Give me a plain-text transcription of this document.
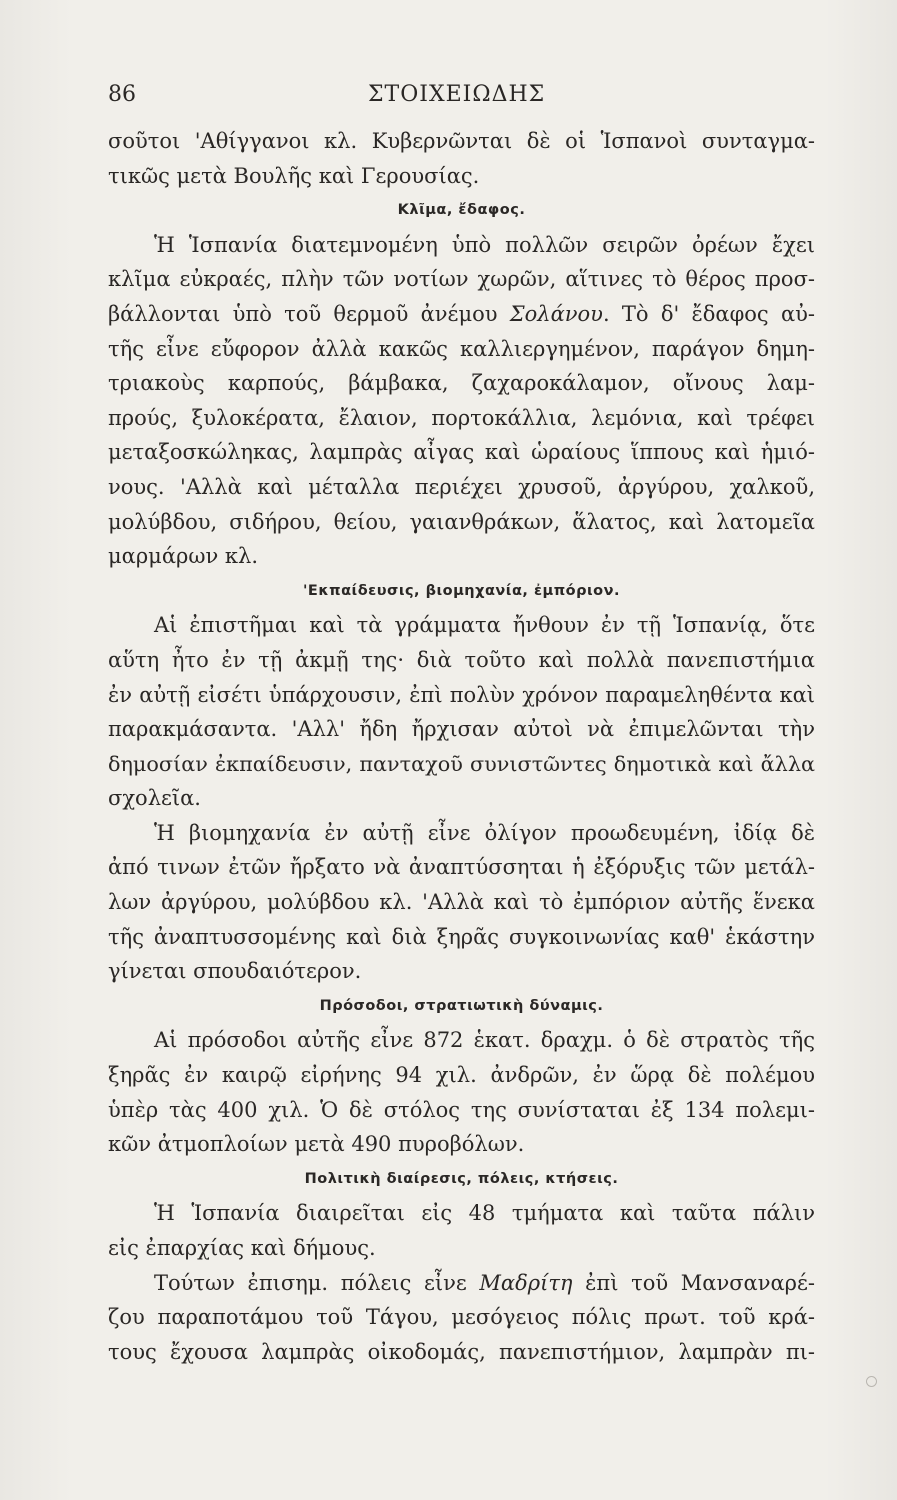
86	ΣΤΟΙΧΕΙΩΔΗΣ
σοῦτοι 'Αθίγγανοι κλ. Κυβερνῶνται δὲ οἱ Ἱσπανοὶ συνταγμα-
τικῶς μετὰ Βουλῆς καὶ Γερουσίας.
Κλῖμα, ἔδαφος.
Ἡ Ἱσπανία διατεμνομένη ὑπὸ πολλῶν σειρῶν ὀρέων ἔχει
κλῖμα εὐκραές, πλὴν τῶν νοτίων χωρῶν, αἵτινες τὸ θέρος προσ-
βάλλονται ὑπὸ τοῦ θερμοῦ ἀνέμου Σολάνου. Τὸ δ' ἔδαφος αὐ-
τῆς εἶνε εὔφορον ἀλλὰ κακῶς καλλιεργημένον, παράγον δημη-
τριακοὺς καρπούς, βάμβακα, ζαχαροκάλαμον, οἴνους λαμ-
προύς, ξυλοκέρατα, ἔλαιον, πορτοκάλλια, λεμόνια, καὶ τρέφει
μεταξοσκώληκας, λαμπρὰς αἶγας καὶ ὡραίους ἵππους καὶ ἡμιό-
νους. 'Αλλὰ καὶ μέταλλα περιέχει χρυσοῦ, ἀργύρου, χαλκοῦ,
μολύβδου, σιδήρου, θείου, γαιανθράκων, ἅλατος, καὶ λατομεῖα
μαρμάρων κλ.
'Εκπαίδευσις, βιομηχανία, ἐμπόριον.
Αἱ ἐπιστῆμαι καὶ τὰ γράμματα ἤνθουν ἐν τῇ Ἱσπανίᾳ, ὅτε
αὕτη ἦτο ἐν τῇ ἀκμῇ της· διὰ τοῦτο καὶ πολλὰ πανεπιστήμια
ἐν αὐτῇ εἰσέτι ὑπάρχουσιν, ἐπὶ πολὺν χρόνον παραμεληθέντα καὶ
παρακμάσαντα. 'Αλλ' ἤδη ἤρχισαν αὐτοὶ νὰ ἐπιμελῶνται τὴν
δημοσίαν ἐκπαίδευσιν, πανταχοῦ συνιστῶντες δημοτικὰ καὶ ἄλλα
σχολεῖα.
Ἡ βιομηχανία ἐν αὐτῇ εἶνε ὀλίγον προωδευμένη, ἰδίᾳ δὲ
ἀπό τινων ἐτῶν ἤρξατο νὰ ἀναπτύσσηται ἡ ἐξόρυξις τῶν μετάλ-
λων ἀργύρου, μολύβδου κλ. 'Αλλὰ καὶ τὸ ἐμπόριον αὐτῆς ἕνεκα
τῆς ἀναπτυσσομένης καὶ διὰ ξηρᾶς συγκοινωνίας καθ' ἑκάστην
γίνεται σπουδαιότερον.
Πρόσοδοι, στρατιωτικὴ δύναμις.
Αἱ πρόσοδοι αὐτῆς εἶνε 872 ἑκατ. δραχμ. ὁ δὲ στρατὸς τῆς
ξηρᾶς ἐν καιρῷ εἰρήνης 94 χιλ. ἀνδρῶν, ἐν ὥρᾳ δὲ πολέμου
ὑπὲρ τὰς 400 χιλ. Ὁ δὲ στόλος της συνίσταται ἐξ 134 πολεμι-
κῶν ἀτμοπλοίων μετὰ 490 πυροβόλων.
Πολιτικὴ διαίρεσις, πόλεις, κτήσεις.
Ἡ Ἱσπανία διαιρεῖται εἰς 48 τμήματα καὶ ταῦτα πάλιν
εἰς ἐπαρχίας καὶ δήμους.
Τούτων ἐπισημ. πόλεις εἶνε Μαδρίτη ἐπὶ τοῦ Μανσαναρέ-
ζου παραποτάμου τοῦ Τάγου, μεσόγειος πόλις πρωτ. τοῦ κρά-
τους ἔχουσα λαμπρὰς οἰκοδομάς, πανεπιστήμιον, λαμπρὰν πι-
